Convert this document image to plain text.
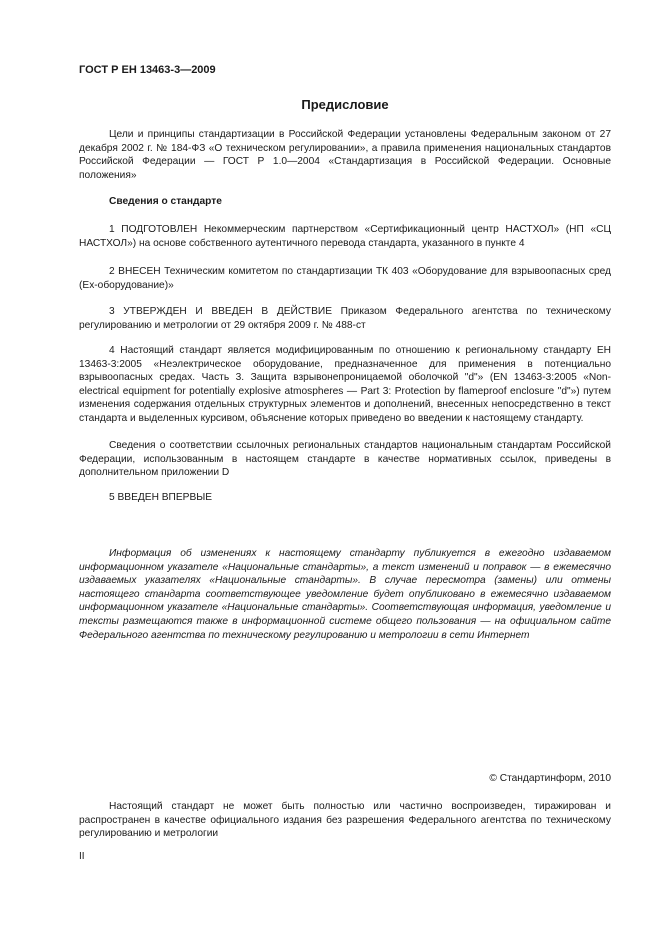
ГОСТ Р ЕН 13463-3—2009
Предисловие
Цели и принципы стандартизации в Российской Федерации установлены Федеральным законом от 27 декабря 2002 г. № 184-ФЗ «О техническом регулировании», а правила применения национальных стандартов Российской Федерации — ГОСТ Р 1.0—2004 «Стандартизация в Российской Федерации. Основные положения»
Сведения о стандарте
1 ПОДГОТОВЛЕН Некоммерческим партнерством «Сертификационный центр НАСТХОЛ» (НП «СЦ НАСТХОЛ») на основе собственного аутентичного перевода стандарта, указанного в пункте 4
2 ВНЕСЕН Техническим комитетом по стандартизации ТК 403 «Оборудование для взрывоопасных сред (Ех-оборудование)»
3 УТВЕРЖДЕН И ВВЕДЕН В ДЕЙСТВИЕ Приказом Федерального агентства по техническому регулированию и метрологии от 29 октября 2009 г. № 488-ст
4 Настоящий стандарт является модифицированным по отношению к региональному стандарту ЕН 13463-3:2005 «Неэлектрическое оборудование, предназначенное для применения в потенциально взрывоопасных средах. Часть 3. Защита взрывонепроницаемой оболочкой "d"» (EN 13463-3:2005 «Non-electrical equipment for potentially explosive atmospheres — Part 3: Protection by flameproof enclosure "d"») путем изменения содержания отдельных структурных элементов и дополнений, внесенных непосредственно в текст стандарта и выделенных курсивом, объяснение которых приведено во введении к настоящему стандарту.
Сведения о соответствии ссылочных региональных стандартов национальным стандартам Российской Федерации, использованным в настоящем стандарте в качестве нормативных ссылок, приведены в дополнительном приложении D
5 ВВЕДЕН ВПЕРВЫЕ
Информация об изменениях к настоящему стандарту публикуется в ежегодно издаваемом информационном указателе «Национальные стандарты», а текст изменений и поправок — в ежемесячно издаваемых указателях «Национальные стандарты». В случае пересмотра (замены) или отмены настоящего стандарта соответствующее уведомление будет опубликовано в ежемесячно издаваемом информационном указателе «Национальные стандарты». Соответствующая информация, уведомление и тексты размещаются также в информационной системе общего пользования — на официальном сайте Федерального агентства по техническому регулированию и метрологии в сети Интернет
© Стандартинформ, 2010
Настоящий стандарт не может быть полностью или частично воспроизведен, тиражирован и распространен в качестве официального издания без разрешения Федерального агентства по техническому регулированию и метрологии
II
